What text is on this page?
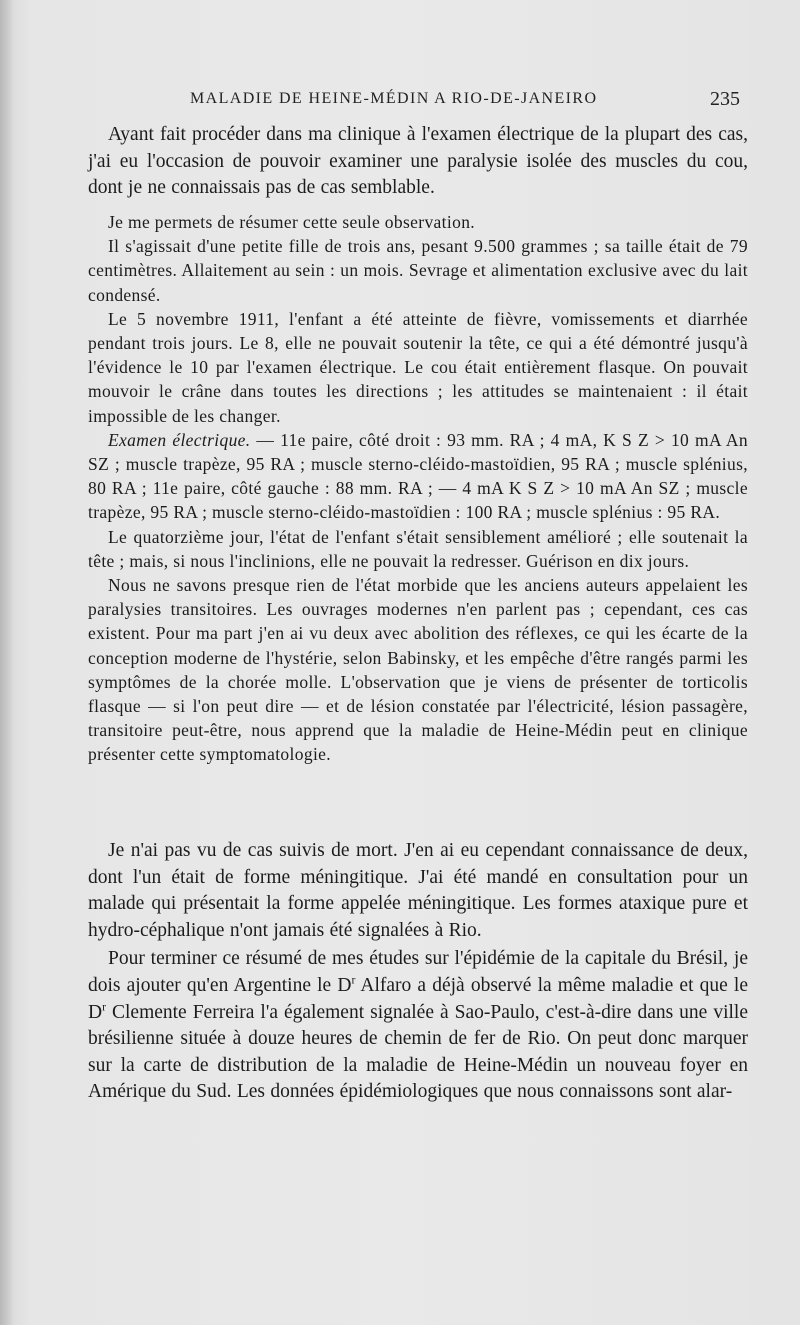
MALADIE DE HEINE-MÉDIN A RIO-DE-JANEIRO	235

Ayant fait procéder dans ma clinique à l'examen électrique de la plupart des cas, j'ai eu l'occasion de pouvoir examiner une paralysie isolée des muscles du cou, dont je ne connaissais pas de cas semblable.

Je me permets de résumer cette seule observation.

Il s'agissait d'une petite fille de trois ans, pesant 9.500 grammes ; sa taille était de 79 centimètres. Allaitement au sein : un mois. Sevrage et alimentation exclusive avec du lait condensé.

Le 5 novembre 1911, l'enfant a été atteinte de fièvre, vomissements et diarrhée pendant trois jours. Le 8, elle ne pouvait soutenir la tête, ce qui a été démontré jusqu'à l'évidence le 10 par l'examen électrique. Le cou était entièrement flasque. On pouvait mouvoir le crâne dans toutes les directions ; les attitudes se maintenaient : il était impossible de les changer.

Examen électrique. — 11e paire, côté droit : 93 mm. RA ; 4 mA, K S Z > 10 mA An SZ ; muscle trapèze, 95 RA ; muscle sterno-cléido-mastoïdien, 95 RA ; muscle splénius, 80 RA ; 11e paire, côté gauche : 88 mm. RA ; — 4 mA K S Z > 10 mA An SZ ; muscle trapèze, 95 RA ; muscle sterno-cléido-mastoïdien : 100 RA ; muscle splénius : 95 RA.

Le quatorzième jour, l'état de l'enfant s'était sensiblement amélioré ; elle soutenait la tête ; mais, si nous l'inclinions, elle ne pouvait la redresser. Guérison en dix jours.

Nous ne savons presque rien de l'état morbide que les anciens auteurs appelaient les paralysies transitoires. Les ouvrages modernes n'en parlent pas ; cependant, ces cas existent. Pour ma part j'en ai vu deux avec abolition des réflexes, ce qui les écarte de la conception moderne de l'hystérie, selon Babinsky, et les empêche d'être rangés parmi les symptômes de la chorée molle. L'observation que je viens de présenter de torticolis flasque — si l'on peut dire — et de lésion constatée par l'électricité, lésion passagère, transitoire peut-être, nous apprend que la maladie de Heine-Médin peut en clinique présenter cette symptomatologie.

Je n'ai pas vu de cas suivis de mort. J'en ai eu cependant connaissance de deux, dont l'un était de forme méningitique. J'ai été mandé en consultation pour un malade qui présentait la forme appelée méningitique. Les formes ataxique pure et hydro-céphalique n'ont jamais été signalées à Rio.

Pour terminer ce résumé de mes études sur l'épidémie de la capitale du Brésil, je dois ajouter qu'en Argentine le $D^r$ Alfaro a déjà observé la même maladie et que le $D^r$ Clemente Ferreira l'a également signalée à Sao-Paulo, c'est-à-dire dans une ville brésilienne située à douze heures de chemin de fer de Rio. On peut donc marquer sur la carte de distribution de la maladie de Heine-Médin un nouveau foyer en Amérique du Sud. Les données épidémiologiques que nous connaissons sont alar-
